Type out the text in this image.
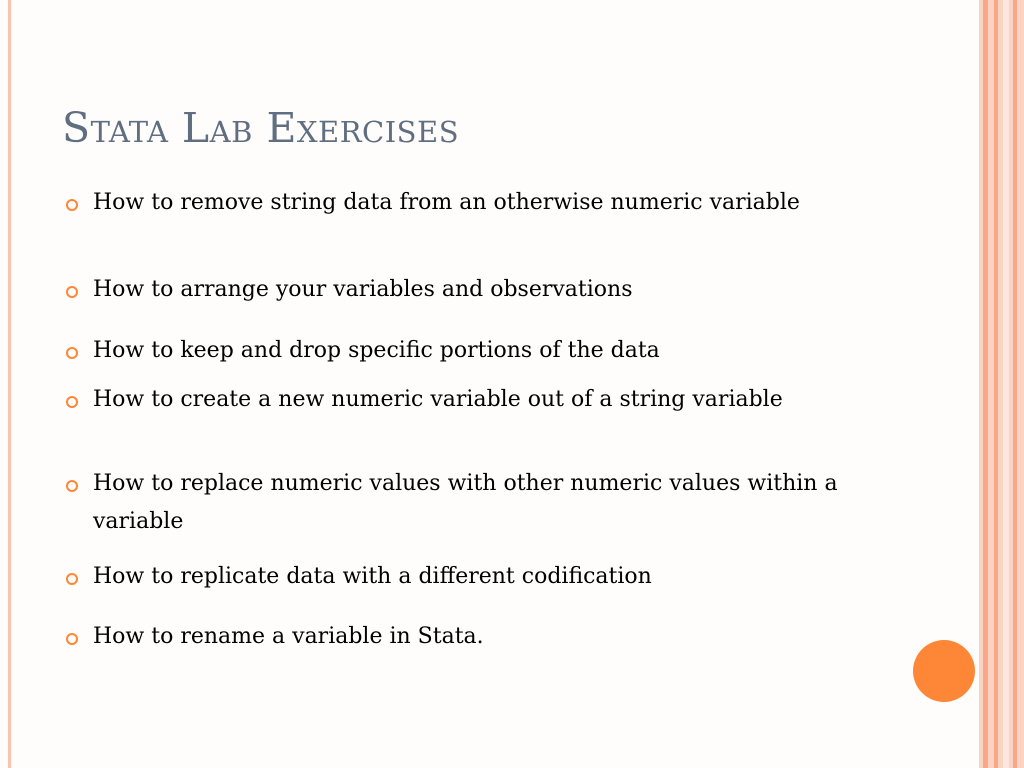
Stata Lab Exercises
How to remove string data from an otherwise numeric variable
How to arrange your variables and observations
How to keep and drop specific portions of the data
How to create a new numeric variable out of a string variable
How to replace numeric values with other numeric values within a variable
How to replicate data with a different codification
How to rename a variable in Stata.
